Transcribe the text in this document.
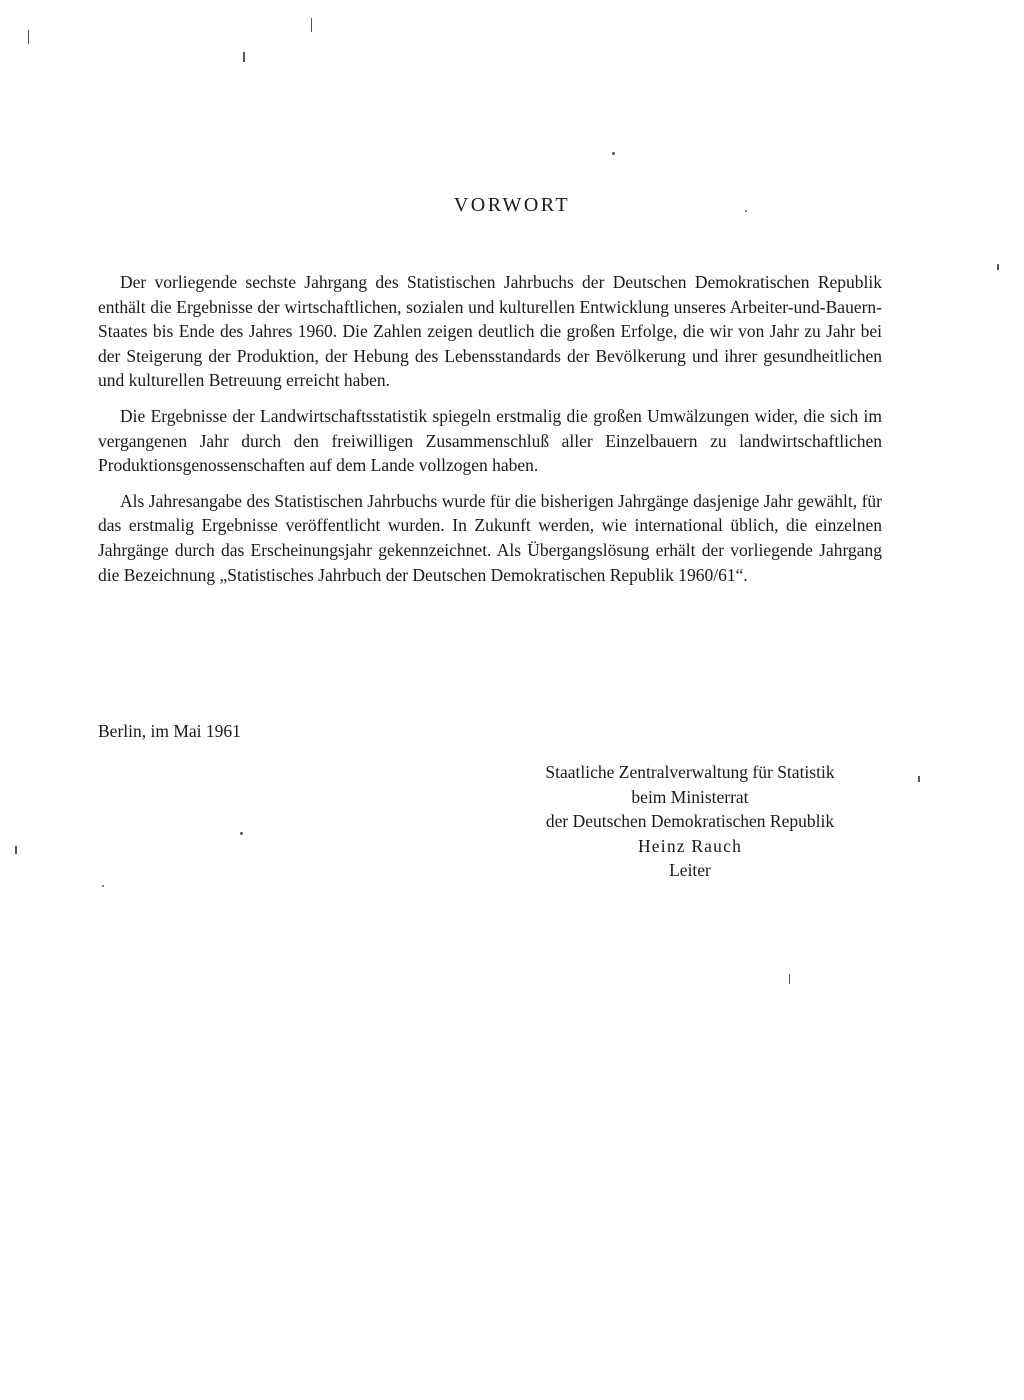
VORWORT

Der vorliegende sechste Jahrgang des Statistischen Jahrbuchs der Deutschen Demokratischen Republik enthält die Ergebnisse der wirtschaftlichen, sozialen und kulturellen Entwicklung unseres Arbeiter-und-Bauern-Staates bis Ende des Jahres 1960. Die Zahlen zeigen deutlich die großen Erfolge, die wir von Jahr zu Jahr bei der Steigerung der Produktion, der Hebung des Lebensstandards der Bevölkerung und ihrer gesundheitlichen und kulturellen Betreuung erreicht haben.

Die Ergebnisse der Landwirtschaftsstatistik spiegeln erstmalig die großen Umwälzungen wider, die sich im vergangenen Jahr durch den freiwilligen Zusammenschluß aller Einzelbauern zu landwirtschaftlichen Produktionsgenossenschaften auf dem Lande vollzogen haben.

Als Jahresangabe des Statistischen Jahrbuchs wurde für die bisherigen Jahrgänge dasjenige Jahr gewählt, für das erstmalig Ergebnisse veröffentlicht wurden. In Zukunft werden, wie international üblich, die einzelnen Jahrgänge durch das Erscheinungsjahr gekennzeichnet. Als Übergangslösung erhält der vorliegende Jahrgang die Bezeichnung „Statistisches Jahrbuch der Deutschen Demokratischen Republik 1960/61“.

Berlin, im Mai 1961
Staatliche Zentralverwaltung für Statistik
beim Ministerrat
der Deutschen Demokratischen Republik
Heinz Rauch
Leiter
